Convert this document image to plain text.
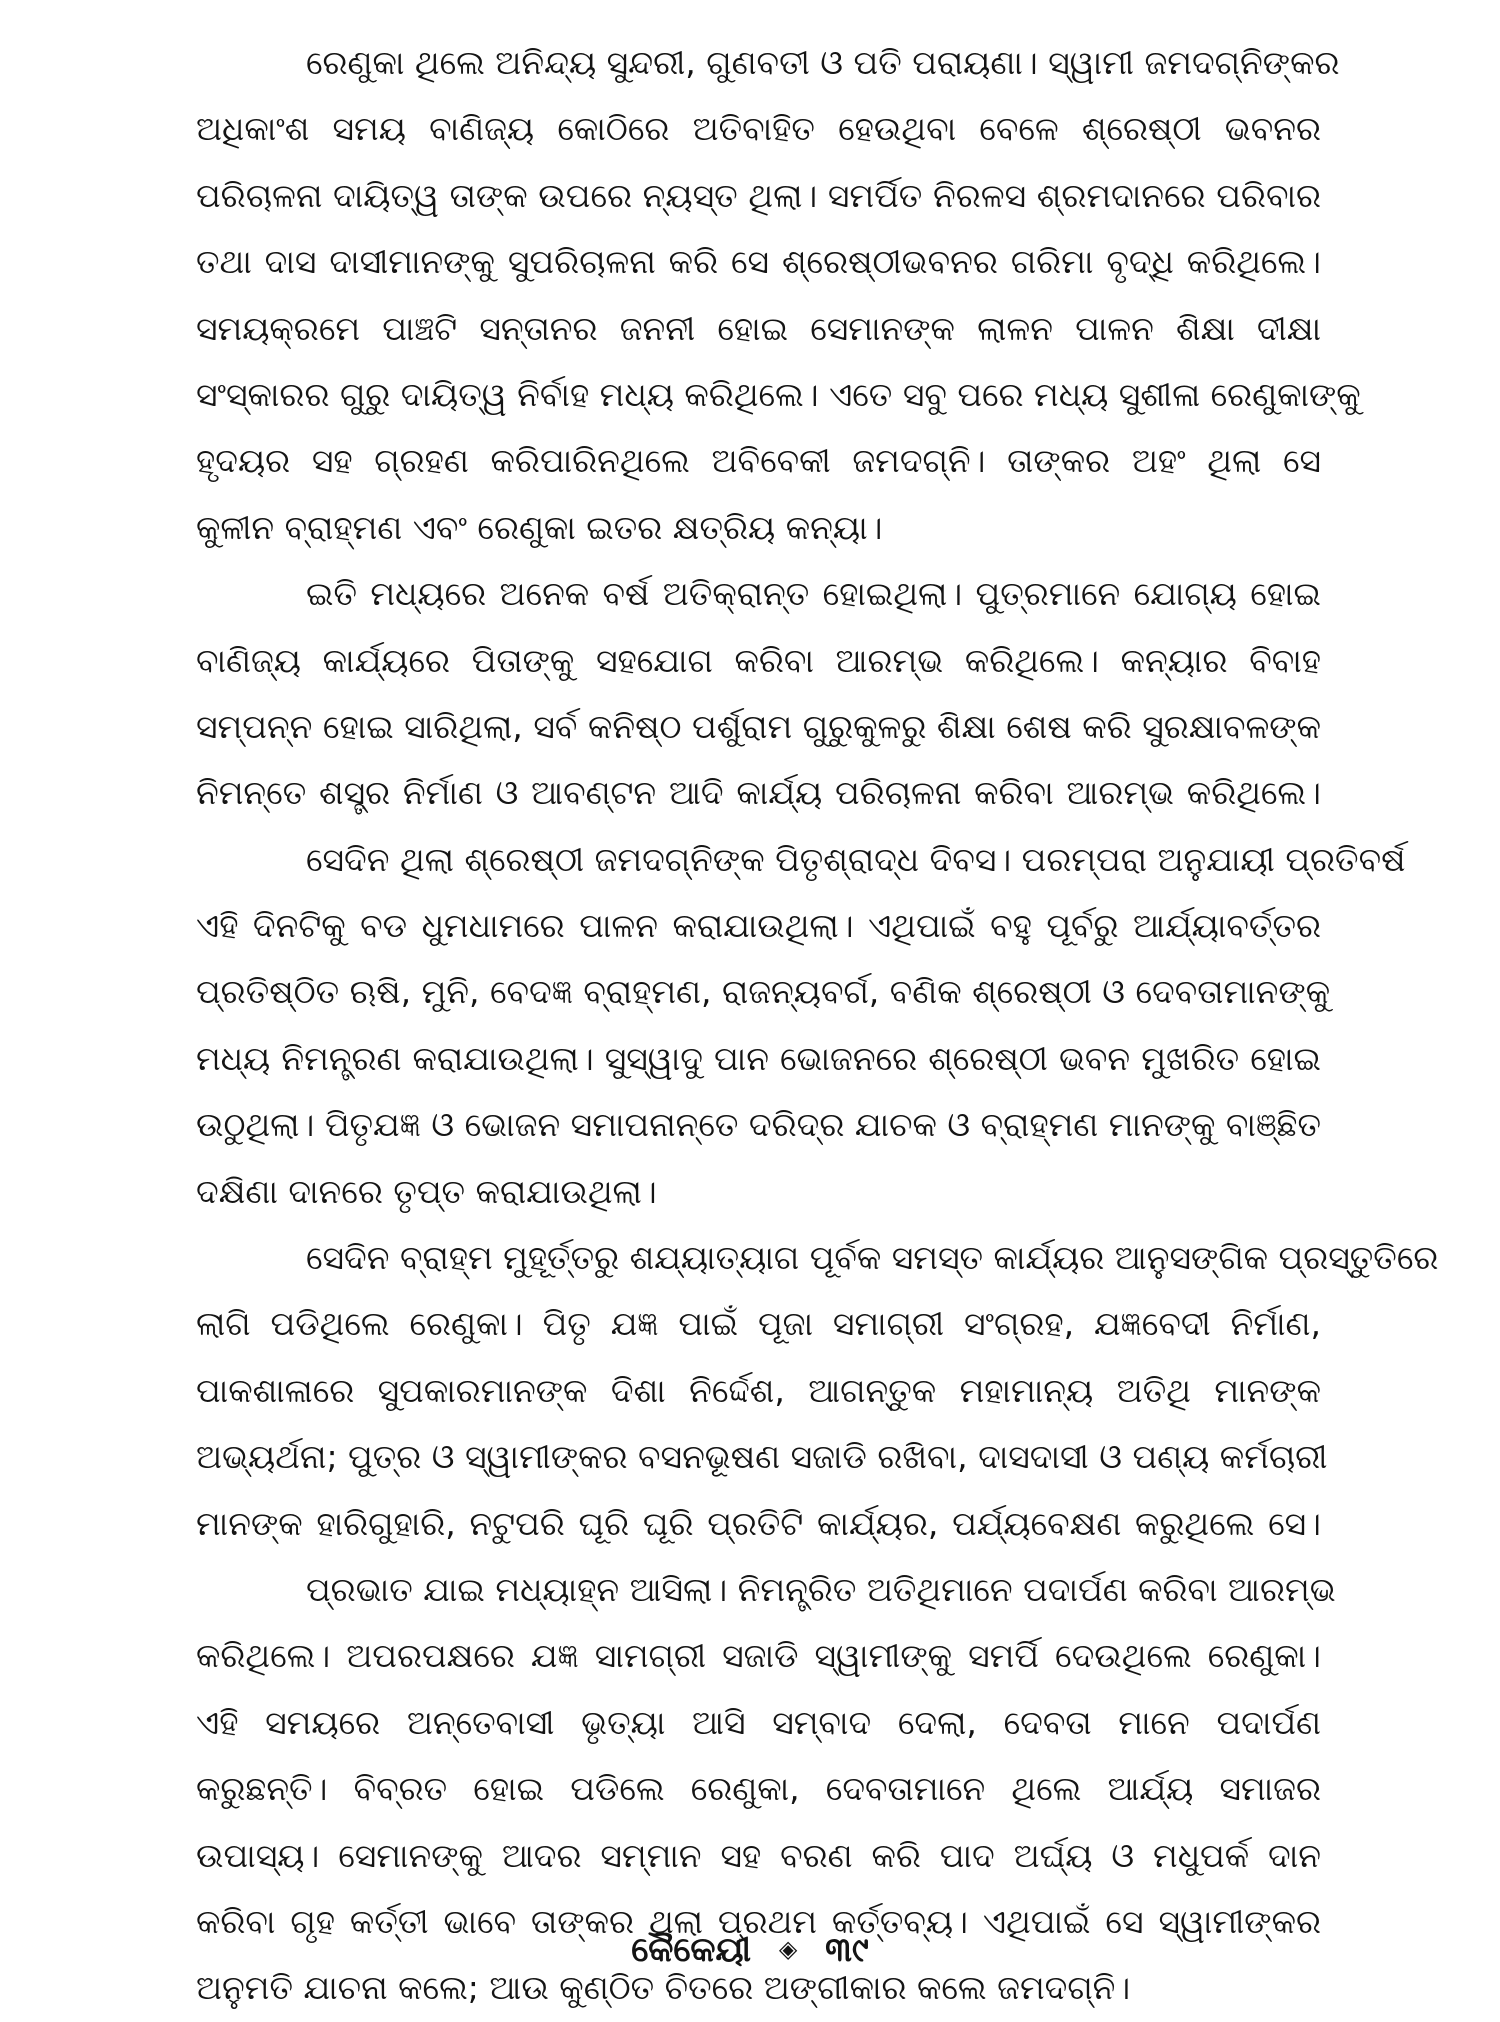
ରେଣୁକା ଥିଲେ ଅନିନ୍ଦ୍ୟ ସୁନ୍ଦରୀ, ଗୁଣବତୀ ଓ ପତି ପରାୟଣା। ସ୍ୱାମୀ ଜମଦଗ୍ନିଙ୍କର
ଅଧିକାଂଶ ସମୟ ବାଣିଜ୍ୟ କୋଠିରେ ଅତିବାହିତ ହେଉଥିବା ବେଳେ ଶ୍ରେଷ୍ଠୀ ଭବନର
ପରିଚାଳନା ଦାୟିତ୍ୱ ତାଙ୍କ ଉପରେ ନ୍ୟସ୍ତ ଥିଲା। ସମର୍ପିତ ନିରଳସ ଶ୍ରମଦାନରେ ପରିବାର
ତଥା ଦାସ ଦାସୀମାନଙ୍କୁ ସୁପରିଚାଳନା କରି ସେ ଶ୍ରେଷ୍ଠୀଭବନର ଗରିମା ବୃଦ୍ଧି କରିଥିଲେ।
ସମୟକ୍ରମେ ପାଞ୍ଚଟି ସନ୍ତାନର ଜନନୀ ହୋଇ ସେମାନଙ୍କ ଲାଳନ ପାଳନ ଶିକ୍ଷା ଦୀକ୍ଷା
ସଂସ୍କାରର ଗୁରୁ ଦାୟିତ୍ୱ ନିର୍ବାହ ମଧ୍ୟ କରିଥିଲେ। ଏତେ ସବୁ ପରେ ମଧ୍ୟ ସୁଶୀଳା ରେଣୁକାଙ୍କୁ
ହୃଦୟର ସହ ଗ୍ରହଣ କରିପାରିନଥିଲେ ଅବିବେକୀ ଜମଦଗ୍ନି। ତାଙ୍କର ଅହଂ ଥିଲା ସେ
କୁଳୀନ ବ୍ରାହ୍ମଣ ଏବଂ ରେଣୁକା ଇତର କ୍ଷତ୍ରିୟ କନ୍ୟା।
ଇତି ମଧ୍ୟରେ ଅନେକ ବର୍ଷ ଅତିକ୍ରାନ୍ତ ହୋଇଥିଲା। ପୁତ୍ରମାନେ ଯୋଗ୍ୟ ହୋଇ
ବାଣିଜ୍ୟ କାର୍ଯ୍ୟରେ ପିତାଙ୍କୁ ସହଯୋଗ କରିବା ଆରମ୍ଭ କରିଥିଲେ। କନ୍ୟାର ବିବାହ
ସମ୍ପନ୍ନ ହୋଇ ସାରିଥିଲା, ସର୍ବ କନିଷ୍ଠ ପର୍ଶୁରାମ ଗୁରୁକୁଳରୁ ଶିକ୍ଷା ଶେଷ କରି ସୁରକ୍ଷାବଳଙ୍କ
ନିମନ୍ତେ ଶସ୍ତ୍ର ନିର୍ମାଣ ଓ ଆବଣ୍ଟନ ଆଦି କାର୍ଯ୍ୟ ପରିଚାଳନା କରିବା ଆରମ୍ଭ କରିଥିଲେ।
ସେଦିନ ଥିଲା ଶ୍ରେଷ୍ଠୀ ଜମଦଗ୍ନିଙ୍କ ପିତୃଶ୍ରାଦ୍ଧ ଦିବସ। ପରମ୍ପରା ଅନୁଯାୟୀ ପ୍ରତିବର୍ଷ
ଏହି ଦିନଟିକୁ ବଡ ଧୁମଧାମରେ ପାଳନ କରାଯାଉଥିଲା। ଏଥିପାଇଁ ବହୁ ପୂର୍ବରୁ ଆର୍ଯ୍ୟାବର୍ତ୍ତର
ପ୍ରତିଷ୍ଠିତ ଋଷି, ମୁନି, ବେଦଜ୍ଞ ବ୍ରାହ୍ମଣ, ରାଜନ୍ୟବର୍ଗ, ବଣିକ ଶ୍ରେଷ୍ଠୀ ଓ ଦେବତାମାନଙ୍କୁ
ମଧ୍ୟ ନିମନ୍ତ୍ରଣ କରାଯାଉଥିଲା। ସୁସ୍ୱାଦୁ ପାନ ଭୋଜନରେ ଶ୍ରେଷ୍ଠୀ ଭବନ ମୁଖରିତ ହୋଇ
ଉଠୁଥିଲା। ପିତୃଯଜ୍ଞ ଓ ଭୋଜନ ସମାପନାନ୍ତେ ଦରିଦ୍ର ଯାଚକ ଓ ବ୍ରାହ୍ମଣ ମାନଙ୍କୁ ବାଞ୍ଛିତ
ଦକ୍ଷିଣା ଦାନରେ ତୃପ୍ତ କରାଯାଉଥିଲା।
ସେଦିନ ବ୍ରାହ୍ମ ମୁହୂର୍ତ୍ତରୁ ଶଯ୍ୟାତ୍ୟାଗ ପୂର୍ବକ ସମସ୍ତ କାର୍ଯ୍ୟର ଆନୁସଙ୍ଗିକ ପ୍ରସ୍ତୁତିରେ
ଲାଗି ପଡିଥିଲେ ରେଣୁକା। ପିତୃ ଯଜ୍ଞ ପାଇଁ ପୂଜା ସମାଗ୍ରୀ ସଂଗ୍ରହ, ଯଜ୍ଞବେଦୀ ନିର୍ମାଣ,
ପାକଶାଳାରେ ସୁପକାରମାନଙ୍କ ଦିଶା ନିର୍ଦ୍ଦେଶ, ଆଗନ୍ତୁକ ମହାମାନ୍ୟ ଅତିଥି ମାନଙ୍କ
ଅଭ୍ୟର୍ଥନା; ପୁତ୍ର ଓ ସ୍ୱାମୀଙ୍କର ବସନଭୂଷଣ ସଜାଡି ରଖିବା, ଦାସଦାସୀ ଓ ପଣ୍ୟ କର୍ମଚାରୀ
ମାନଙ୍କ ହାରିଗୁହାରି, ନଟୁପରି ଘୂରି ଘୂରି ପ୍ରତିଟି କାର୍ଯ୍ୟର, ପର୍ଯ୍ୟବେକ୍ଷଣ କରୁଥିଲେ ସେ।
ପ୍ରଭାତ ଯାଇ ମଧ୍ୟାହ୍ନ ଆସିଲା। ନିମନ୍ତ୍ରିତ ଅତିଥିମାନେ ପଦାର୍ପଣ କରିବା ଆରମ୍ଭ
କରିଥିଲେ। ଅପରପକ୍ଷରେ ଯଜ୍ଞ ସାମଗ୍ରୀ ସଜାଡି ସ୍ୱାମୀଙ୍କୁ ସମର୍ପି ଦେଉଥିଲେ ରେଣୁକା।
ଏହି ସମୟରେ ଅନ୍ତେବାସୀ ଭୃତ୍ୟା ଆସି ସମ୍ବାଦ ଦେଲା, ଦେବତା ମାନେ ପଦାର୍ପଣ
କରୁଛନ୍ତି। ବିବ୍ରତ ହୋଇ ପଡିଲେ ରେଣୁକା, ଦେବତାମାନେ ଥିଲେ ଆର୍ଯ୍ୟ ସମାଜର
ଉପାସ୍ୟ। ସେମାନଙ୍କୁ ଆଦର ସମ୍ମାନ ସହ ବରଣ କରି ପାଦ ଅର୍ଘ୍ୟ ଓ ମଧୁପର୍କ ଦାନ
କରିବା ଗୃହ କର୍ତ୍ତୀ ଭାବେ ତାଙ୍କର ଥିଲା ପ୍ରଥମ କର୍ତ୍ତବ୍ୟ। ଏଥିପାଇଁ ସେ ସ୍ୱାମୀଙ୍କର
ଅନୁମତି ଯାଚନା କଲେ; ଆଉ କୁଣ୍ଠିତ ଚିତରେ ଅଙ୍ଗୀକାର କଲେ ଜମଦଗ୍ନି।
କୈକେୟୀ ◈ ୩୯
